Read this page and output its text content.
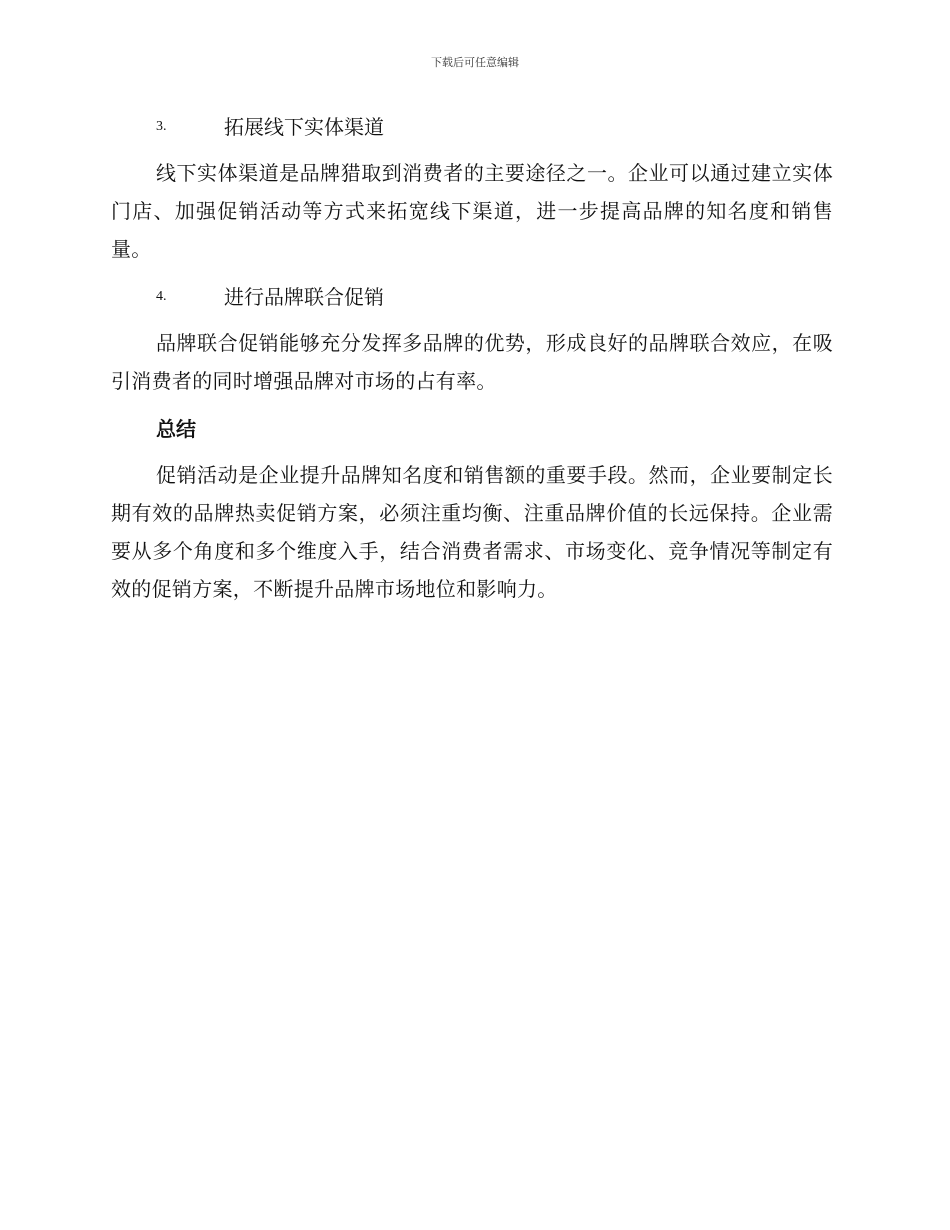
下载后可任意编辑
3.	拓展线下实体渠道

线下实体渠道是品牌猎取到消费者的主要途径之一。企业可以通过建立实体门店、加强促销活动等方式来拓宽线下渠道，进一步提高品牌的知名度和销售量。

4.	进行品牌联合促销

品牌联合促销能够充分发挥多品牌的优势，形成良好的品牌联合效应，在吸引消费者的同时增强品牌对市场的占有率。

总结

促销活动是企业提升品牌知名度和销售额的重要手段。然而，企业要制定长期有效的品牌热卖促销方案，必须注重均衡、注重品牌价值的长远保持。企业需要从多个角度和多个维度入手，结合消费者需求、市场变化、竞争情况等制定有效的促销方案，不断提升品牌市场地位和影响力。
